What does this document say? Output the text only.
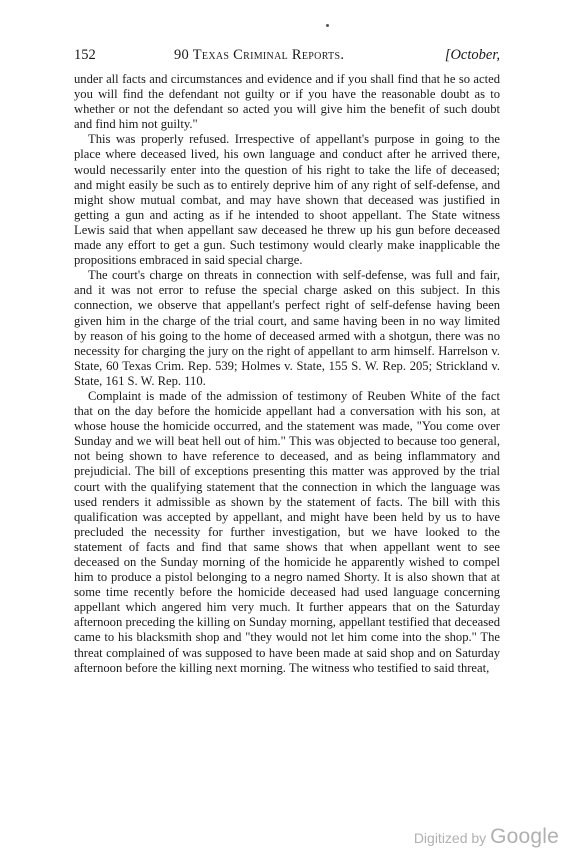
152	90 Texas Criminal Reports.	[October,

under all facts and circumstances and evidence and if you shall find that he so acted you will find the defendant not guilty or if you have the reasonable doubt as to whether or not the defendant so acted you will give him the benefit of such doubt and find him not guilty."

This was properly refused. Irrespective of appellant's purpose in going to the place where deceased lived, his own language and conduct after he arrived there, would necessarily enter into the question of his right to take the life of deceased; and might easily be such as to entirely deprive him of any right of self-defense, and might show mutual combat, and may have shown that deceased was justified in getting a gun and acting as if he intended to shoot appellant. The State witness Lewis said that when appellant saw deceased he threw up his gun before deceased made any effort to get a gun. Such testimony would clearly make inapplicable the propositions embraced in said special charge.

The court's charge on threats in connection with self-defense, was full and fair, and it was not error to refuse the special charge asked on this subject. In this connection, we observe that appellant's perfect right of self-defense having been given him in the charge of the trial court, and same having been in no way limited by reason of his going to the home of deceased armed with a shotgun, there was no necessity for charging the jury on the right of appellant to arm himself. Harrelson v. State, 60 Texas Crim. Rep. 539; Holmes v. State, 155 S. W. Rep. 205; Strickland v. State, 161 S. W. Rep. 110.

Complaint is made of the admission of testimony of Reuben White of the fact that on the day before the homicide appellant had a conversation with his son, at whose house the homicide occurred, and the statement was made, "You come over Sunday and we will beat hell out of him." This was objected to because too general, not being shown to have reference to deceased, and as being inflammatory and prejudicial. The bill of exceptions presenting this matter was approved by the trial court with the qualifying statement that the connection in which the language was used renders it admissible as shown by the statement of facts. The bill with this qualification was accepted by appellant, and might have been held by us to have precluded the necessity for further investigation, but we have looked to the statement of facts and find that same shows that when appellant went to see deceased on the Sunday morning of the homicide he apparently wished to compel him to produce a pistol belonging to a negro named Shorty. It is also shown that at some time recently before the homicide deceased had used language concerning appellant which angered him very much. It further appears that on the Saturday afternoon preceding the killing on Sunday morning, appellant testified that deceased came to his blacksmith shop and "they would not let him come into the shop." The threat complained of was supposed to have been made at said shop and on Saturday afternoon before the killing next morning. The witness who testified to said threat,

Digitized by Google
